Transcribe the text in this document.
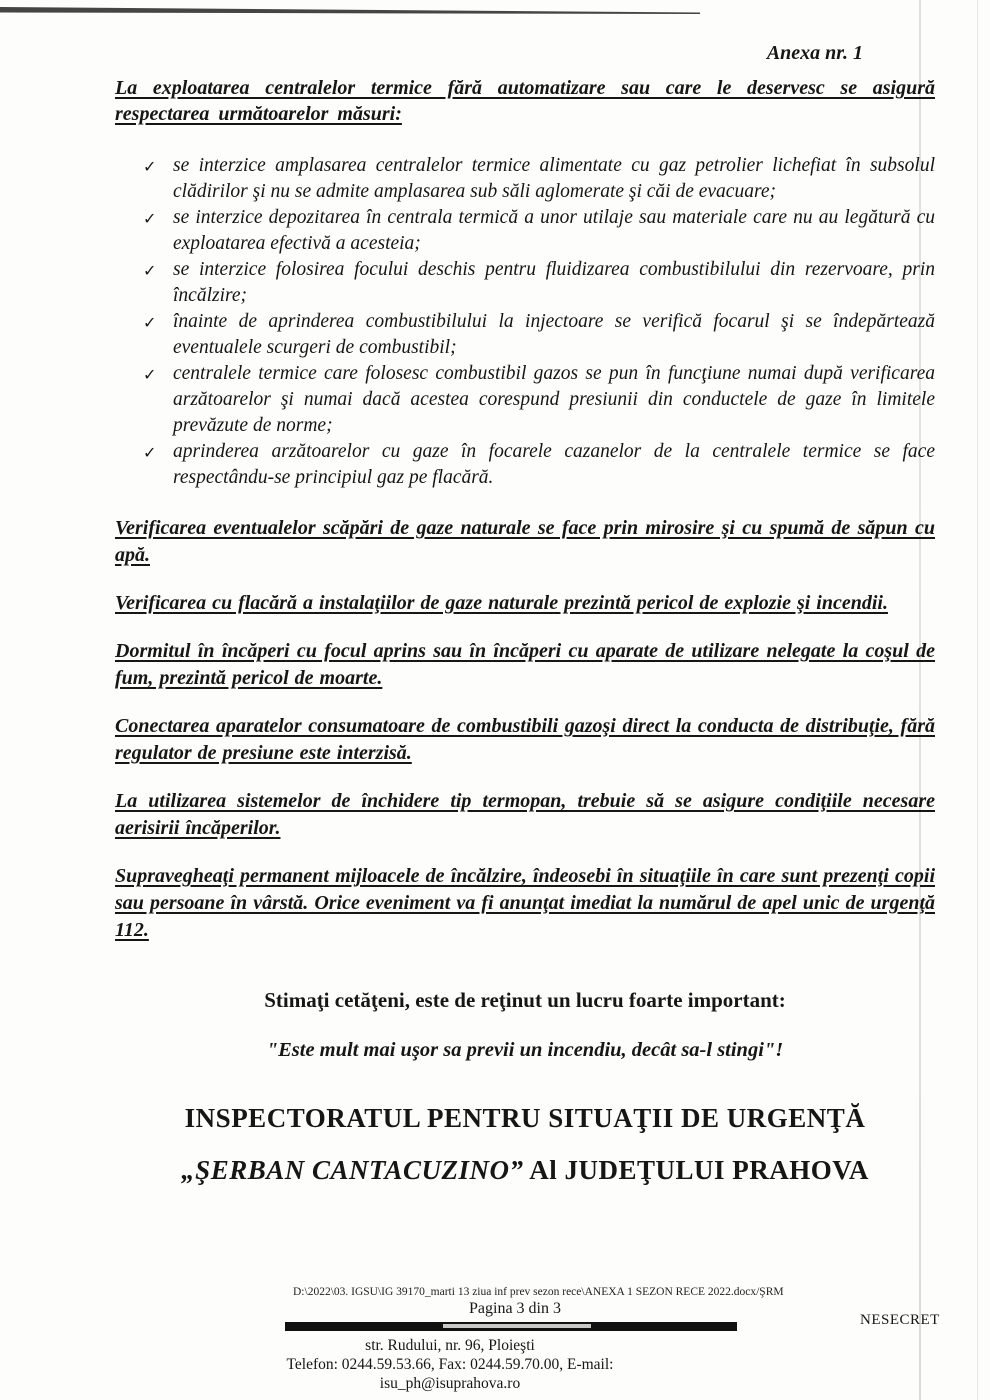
Anexa nr. 1
La exploatarea centralelor termice fără automatizare sau care le deservesc se asigură respectarea următoarelor măsuri:
✓ se interzice amplasarea centralelor termice alimentate cu gaz petrolier lichefiat în subsolul clădirilor şi nu se admite amplasarea sub săli aglomerate şi căi de evacuare;
✓ se interzice depozitarea în centrala termică a unor utilaje sau materiale care nu au legătură cu exploatarea efectivă a acesteia;
✓ se interzice folosirea focului deschis pentru fluidizarea combustibilului din rezervoare, prin încălzire;
✓ înainte de aprinderea combustibilului la injectoare se verifică focarul şi se îndepărtează eventualele scurgeri de combustibil;
✓ centralele termice care folosesc combustibil gazos se pun în funcţiune numai după verificarea arzătoarelor şi numai dacă acestea corespund presiunii din conductele de gaze în limitele prevăzute de norme;
✓ aprinderea arzătoarelor cu gaze în focarele cazanelor de la centralele termice se face respectându-se principiul gaz pe flacără.

Verificarea eventualelor scăpări de gaze naturale se face prin mirosire şi cu spumă de săpun cu apă.

Verificarea cu flacără a instalaţiilor de gaze naturale prezintă pericol de explozie şi incendii.

Dormitul în încăperi cu focul aprins sau în încăperi cu aparate de utilizare nelegate la coşul de fum, prezintă pericol de moarte.

Conectarea aparatelor consumatoare de combustibili gazoşi direct la conducta de distribuţie, fără regulator de presiune este interzisă.

La utilizarea sistemelor de închidere tip termopan, trebuie să se asigure condiţiile necesare aerisirii încăperilor.

Supravegheaţi permanent mijloacele de încălzire, îndeosebi în situaţiile în care sunt prezenţi copii sau persoane în vârstă. Orice eveniment va fi anunţat imediat la numărul de apel unic de urgenţă 112.

Stimaţi cetăţeni, este de reţinut un lucru foarte important:
"Este mult mai uşor sa previi un incendiu, decât sa-l stingi"!
INSPECTORATUL PENTRU SITUAŢII DE URGENŢĂ
„ŞERBAN CANTACUZINO” Al JUDEŢULUI PRAHOVA
D:\2022\03. IGSU\IG 39170_marti 13 ziua inf prev sezon rece\ANEXA 1 SEZON RECE 2022.docx/ŞRM
Pagina 3 din 3
NESECRET
str. Rudului, nr. 96, Ploieşti
Telefon: 0244.59.53.66, Fax: 0244.59.70.00, E-mail: isu_ph@isuprahova.ro
